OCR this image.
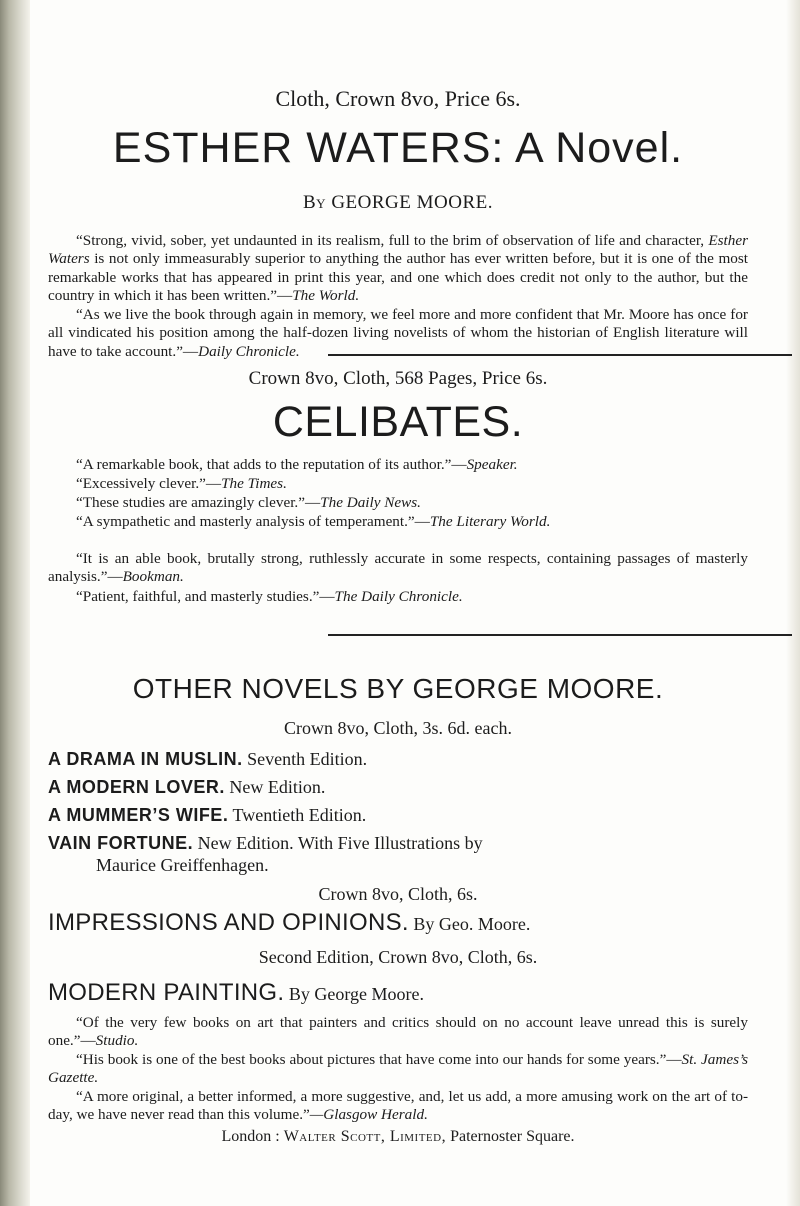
Cloth, Crown 8vo, Price 6s.
ESTHER WATERS: A Novel.
By GEORGE MOORE.
“Strong, vivid, sober, yet undaunted in its realism, full to the brim of observation of life and character, Esther Waters is not only immeasurably superior to anything the author has ever written before, but it is one of the most remarkable works that has appeared in print this year, and one which does credit not only to the author, but the country in which it has been written.”—The World.
“As we live the book through again in memory, we feel more and more confident that Mr. Moore has once for all vindicated his position among the half-dozen living novelists of whom the historian of English literature will have to take account.”—Daily Chronicle.
Crown 8vo, Cloth, 568 Pages, Price 6s.
CELIBATES.
“A remarkable book, that adds to the reputation of its author.”—Speaker.
“Excessively clever.”—The Times.
“These studies are amazingly clever.”—The Daily News.
“A sympathetic and masterly analysis of temperament.”—The Literary World.
“It is an able book, brutally strong, ruthlessly accurate in some respects, containing passages of masterly analysis.”—Bookman.
“Patient, faithful, and masterly studies.”—The Daily Chronicle.
OTHER NOVELS BY GEORGE MOORE.
Crown 8vo, Cloth, 3s. 6d. each.
A DRAMA IN MUSLIN. Seventh Edition.
A MODERN LOVER. New Edition.
A MUMMER’S WIFE. Twentieth Edition.
VAIN FORTUNE. New Edition. With Five Illustrations by
Maurice Greiffenhagen.
Crown 8vo, Cloth, 6s.
IMPRESSIONS AND OPINIONS. By Geo. Moore.
Second Edition, Crown 8vo, Cloth, 6s.
MODERN PAINTING. By George Moore.
“Of the very few books on art that painters and critics should on no account leave unread this is surely one.”—Studio.
“His book is one of the best books about pictures that have come into our hands for some years.”—St. James’s Gazette.
“A more original, a better informed, a more suggestive, and, let us add, a more amusing work on the art of to-day, we have never read than this volume.”—Glasgow Herald.
London : Walter Scott, Limited, Paternoster Square.
